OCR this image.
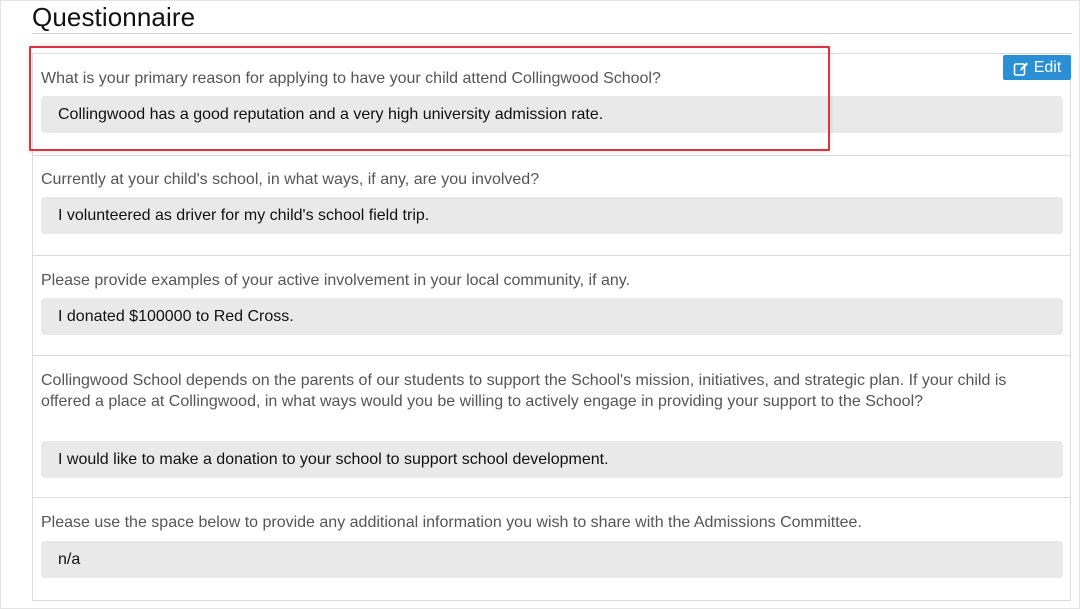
Questionnaire
What is your primary reason for applying to have your child attend Collingwood School?
Collingwood has a good reputation and a very high university admission rate.
Currently at your child's school, in what ways, if any, are you involved?
I volunteered as driver for my child's school field trip.
Please provide examples of your active involvement in your local community, if any.
I donated $100000 to Red Cross.
Collingwood School depends on the parents of our students to support the School's mission, initiatives, and strategic plan. If your child is offered a place at Collingwood, in what ways would you be willing to actively engage in providing your support to the School?
I would like to make a donation to your school to support school development.
Please use the space below to provide any additional information you wish to share with the Admissions Committee.
n/a
Edit
